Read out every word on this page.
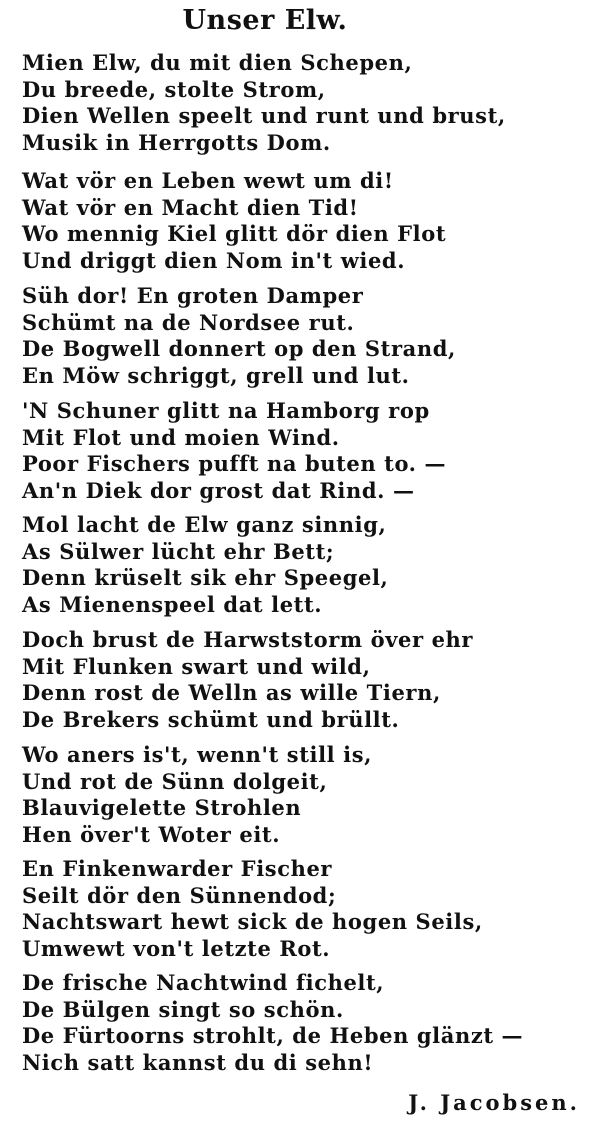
Unser Elw.
Mien Elw, du mit dien Schepen,
Du breede, stolte Strom,
Dien Wellen speelt und runt und brust,
Musik in Herrgotts Dom.
Wat vör en Leben wewt um di!
Wat vör en Macht dien Tid!
Wo mennig Kiel glitt dör dien Flot
Und driggt dien Nom in't wied.
Süh dor! En groten Damper
Schümt na de Nordsee rut.
De Bogwell donnert op den Strand,
En Möw schriggt, grell und lut.
'N Schuner glitt na Hamborg rop
Mit Flot und moien Wind.
Poor Fischers pufft na buten to. —
An'n Diek dor grost dat Rind. —
Mol lacht de Elw ganz sinnig,
As Sülwer lücht ehr Bett;
Denn krüselt sik ehr Speegel,
As Mienenspeel dat lett.
Doch brust de Harwststorm över ehr
Mit Flunken swart und wild,
Denn rost de Welln as wille Tiern,
De Brekers schümt und brüllt.
Wo aners is't, wenn't still is,
Und rot de Sünn dolgeit,
Blauvigelette Strohlen
Hen över't Woter eit.
En Finkenwarder Fischer
Seilt dör den Sünnendod;
Nachtswart hewt sick de hogen Seils,
Umwewt von't letzte Rot.
De frische Nachtwind fichelt,
De Bülgen singt so schön.
De Fürtoorns strohlt, de Heben glänzt —
Nich satt kannst du di sehn!
J. Jacobsen.
